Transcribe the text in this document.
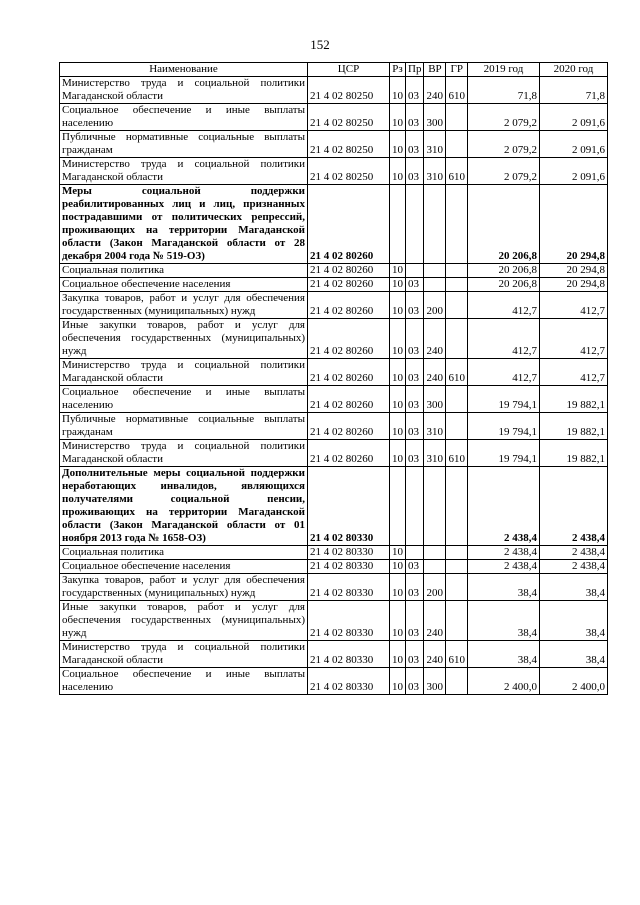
152
Наименование	ЦСР	Рз	Пр	ВР	ГР	2019 год	2020 год
Министерство труда и социальной политики Магаданской области	21 4 02 80250	10	03	240	610	71,8	71,8
Социальное обеспечение и иные выплаты населению	21 4 02 80250	10	03	300		2 079,2	2 091,6
Публичные нормативные социальные выплаты гражданам	21 4 02 80250	10	03	310		2 079,2	2 091,6
Министерство труда и социальной политики Магаданской области	21 4 02 80250	10	03	310	610	2 079,2	2 091,6
Меры социальной поддержки реабилитированных лиц и лиц, признанных пострадавшими от политических репрессий, проживающих на территории Магаданской области (Закон Магаданской области от 28 декабря 2004 года № 519-ОЗ)	21 4 02 80260					20 206,8	20 294,8
Социальная политика	21 4 02 80260	10				20 206,8	20 294,8
Социальное обеспечение населения	21 4 02 80260	10	03			20 206,8	20 294,8
Закупка товаров, работ и услуг для обеспечения государственных (муниципальных) нужд	21 4 02 80260	10	03	200		412,7	412,7
Иные закупки товаров, работ и услуг для обеспечения государственных (муниципальных) нужд	21 4 02 80260	10	03	240		412,7	412,7
Министерство труда и социальной политики Магаданской области	21 4 02 80260	10	03	240	610	412,7	412,7
Социальное обеспечение и иные выплаты населению	21 4 02 80260	10	03	300		19 794,1	19 882,1
Публичные нормативные социальные выплаты гражданам	21 4 02 80260	10	03	310		19 794,1	19 882,1
Министерство труда и социальной политики Магаданской области	21 4 02 80260	10	03	310	610	19 794,1	19 882,1
Дополнительные меры социальной поддержки неработающих инвалидов, являющихся получателями социальной пенсии, проживающих на территории Магаданской области (Закон Магаданской области от 01 ноября 2013 года № 1658-ОЗ)	21 4 02 80330					2 438,4	2 438,4
Социальная политика	21 4 02 80330	10				2 438,4	2 438,4
Социальное обеспечение населения	21 4 02 80330	10	03			2 438,4	2 438,4
Закупка товаров, работ и услуг для обеспечения государственных (муниципальных) нужд	21 4 02 80330	10	03	200		38,4	38,4
Иные закупки товаров, работ и услуг для обеспечения государственных (муниципальных) нужд	21 4 02 80330	10	03	240		38,4	38,4
Министерство труда и социальной политики Магаданской области	21 4 02 80330	10	03	240	610	38,4	38,4
Социальное обеспечение и иные выплаты населению	21 4 02 80330	10	03	300		2 400,0	2 400,0
